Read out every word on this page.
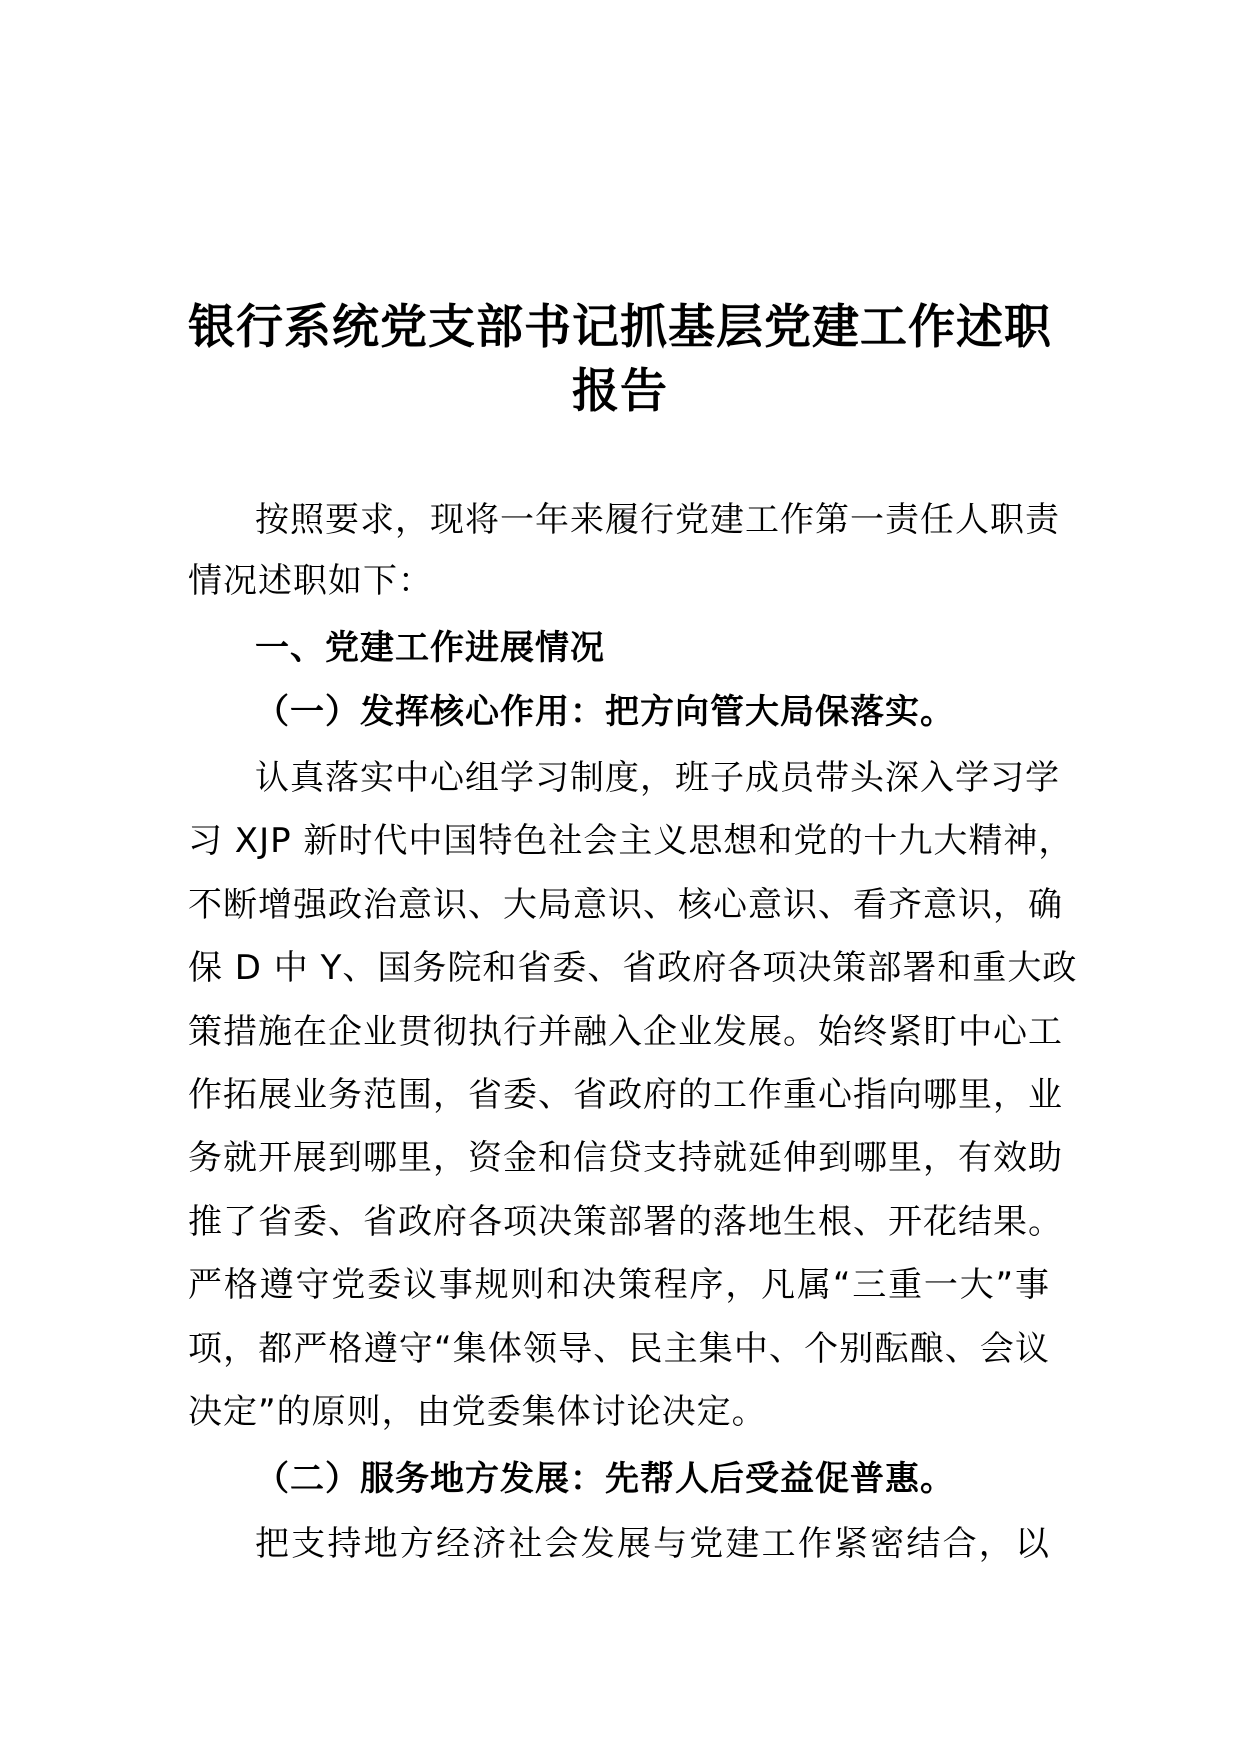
银行系统党支部书记抓基层党建工作述职
报告
按照要求，现将一年来履行党建工作第一责任人职责
情况述职如下：
一、党建工作进展情况
（一）发挥核心作用：把方向管大局保落实。
认真落实中心组学习制度，班子成员带头深入学习学
习 XJP 新时代中国特色社会主义思想和党的十九大精神，
不断增强政治意识、大局意识、核心意识、看齐意识，确
保 D 中 Y、国务院和省委、省政府各项决策部署和重大政
策措施在企业贯彻执行并融入企业发展。始终紧盯中心工
作拓展业务范围，省委、省政府的工作重心指向哪里，业
务就开展到哪里，资金和信贷支持就延伸到哪里，有效助
推了省委、省政府各项决策部署的落地生根、开花结果。
严格遵守党委议事规则和决策程序，凡属“三重一大”事
项，都严格遵守“集体领导、民主集中、个别酝酿、会议
决定”的原则，由党委集体讨论决定。
（二）服务地方发展：先帮人后受益促普惠。
把支持地方经济社会发展与党建工作紧密结合，以
